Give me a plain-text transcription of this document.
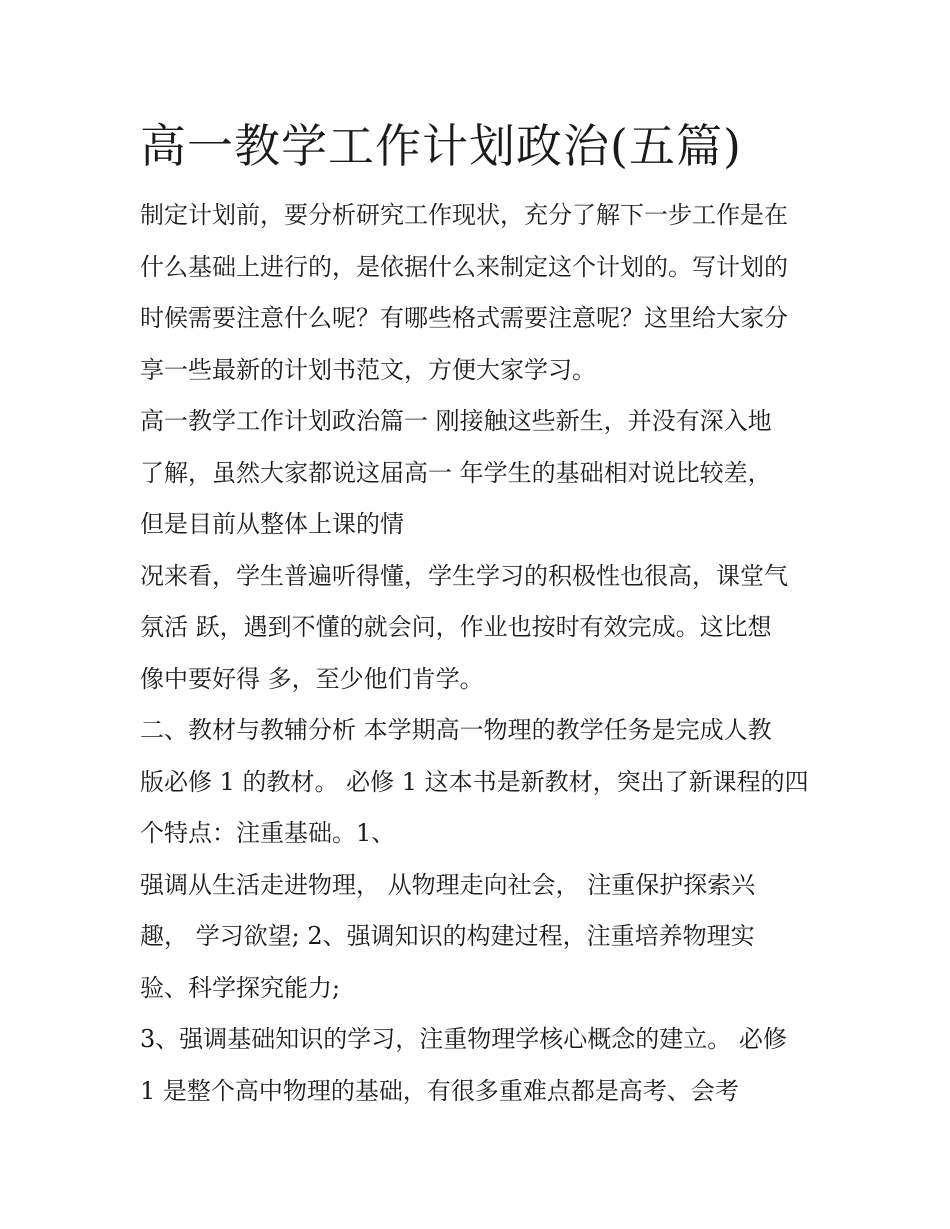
高一教学工作计划政治(五篇)
制定计划前，要分析研究工作现状，充分了解下一步工作是在
什么基础上进行的，是依据什么来制定这个计划的。写计划的
时候需要注意什么呢？有哪些格式需要注意呢？这里给大家分
享一些最新的计划书范文，方便大家学习。
高一教学工作计划政治篇一 刚接触这些新生，并没有深入地
了解，虽然大家都说这届高一 年学生的基础相对说比较差，
但是目前从整体上课的情
况来看，学生普遍听得懂，学生学习的积极性也很高，课堂气
氛活 跃，遇到不懂的就会问，作业也按时有效完成。这比想
像中要好得 多，至少他们肯学。
二、教材与教辅分析 本学期高一物理的教学任务是完成人教
版必修 1 的教材。 必修 1 这本书是新教材，突出了新课程的四
个特点：注重基础。1、
强调从生活走进物理， 从物理走向社会， 注重保护探索兴
趣， 学习欲望; 2、强调知识的构建过程，注重培养物理实
验、科学探究能力;
3、强调基础知识的学习，注重物理学核心概念的建立。 必修
1 是整个高中物理的基础，有很多重难点都是高考、会考
